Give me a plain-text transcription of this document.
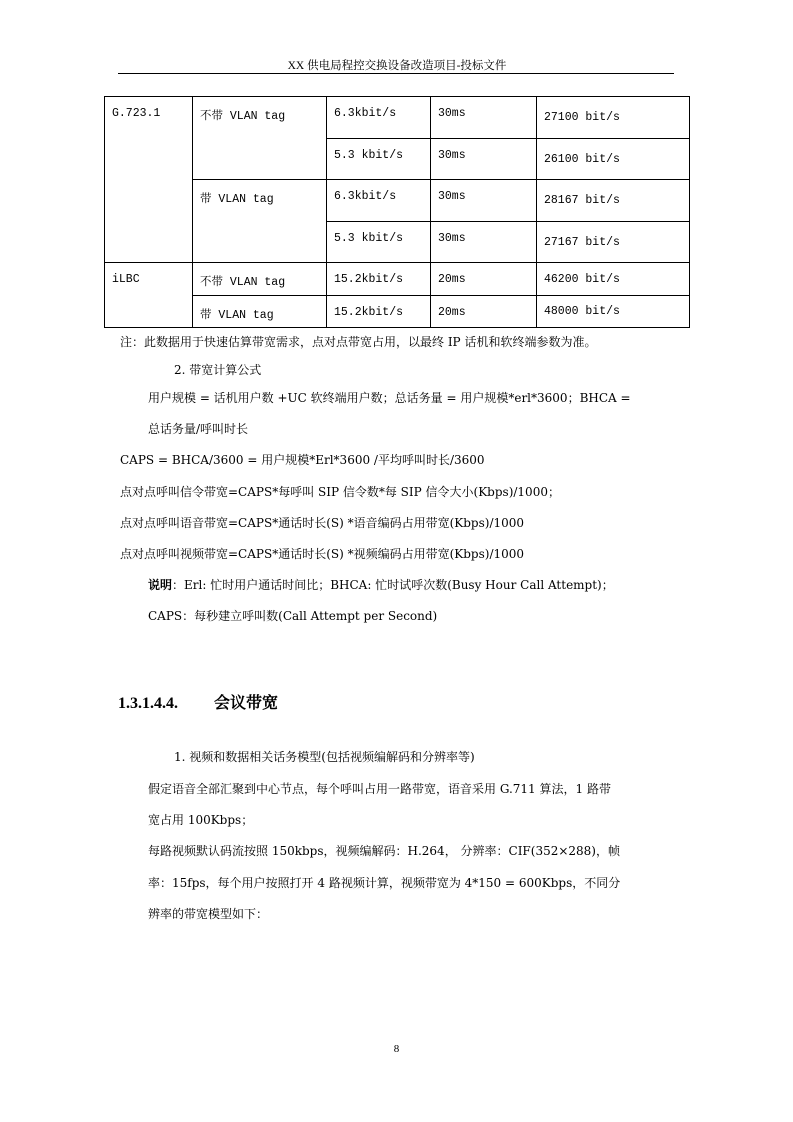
XX 供电局程控交换设备改造项目-投标文件
G.723.1	不带 VLAN tag	6.3kbit/s	30ms	27100 bit/s
		5.3 kbit/s	30ms	26100 bit/s
	带 VLAN tag	6.3kbit/s	30ms	28167 bit/s
		5.3 kbit/s	30ms	27167 bit/s
iLBC	不带 VLAN tag	15.2kbit/s	20ms	46200 bit/s
	带 VLAN tag	15.2kbit/s	20ms	48000 bit/s
注：此数据用于快速估算带宽需求，点对点带宽占用，以最终 IP 话机和软终端参数为准。
2. 带宽计算公式
用户规模 = 话机用户数 +UC 软终端用户数；总话务量 = 用户规模*erl*3600；BHCA =
总话务量/呼叫时长
CAPS = BHCA/3600 = 用户规模*Erl*3600 /平均呼叫时长/3600
点对点呼叫信令带宽=CAPS*每呼叫 SIP 信令数*每 SIP 信令大小(Kbps)/1000；
点对点呼叫语音带宽=CAPS*通话时长(S) *语音编码占用带宽(Kbps)/1000
点对点呼叫视频带宽=CAPS*通话时长(S) *视频编码占用带宽(Kbps)/1000
说明：Erl: 忙时用户通话时间比；BHCA: 忙时试呼次数(Busy Hour Call Attempt)；
CAPS：每秒建立呼叫数(Call Attempt per Second)
1.3.1.4.4. 会议带宽
1. 视频和数据相关话务模型(包括视频编解码和分辨率等)
假定语音全部汇聚到中心节点，每个呼叫占用一路带宽，语音采用 G.711 算法，1 路带
宽占用 100Kbps；
每路视频默认码流按照 150kbps，视频编解码：H.264， 分辨率：CIF(352×288)，帧
率：15fps，每个用户按照打开 4 路视频计算，视频带宽为 4*150 = 600Kbps，不同分
辨率的带宽模型如下：
8
